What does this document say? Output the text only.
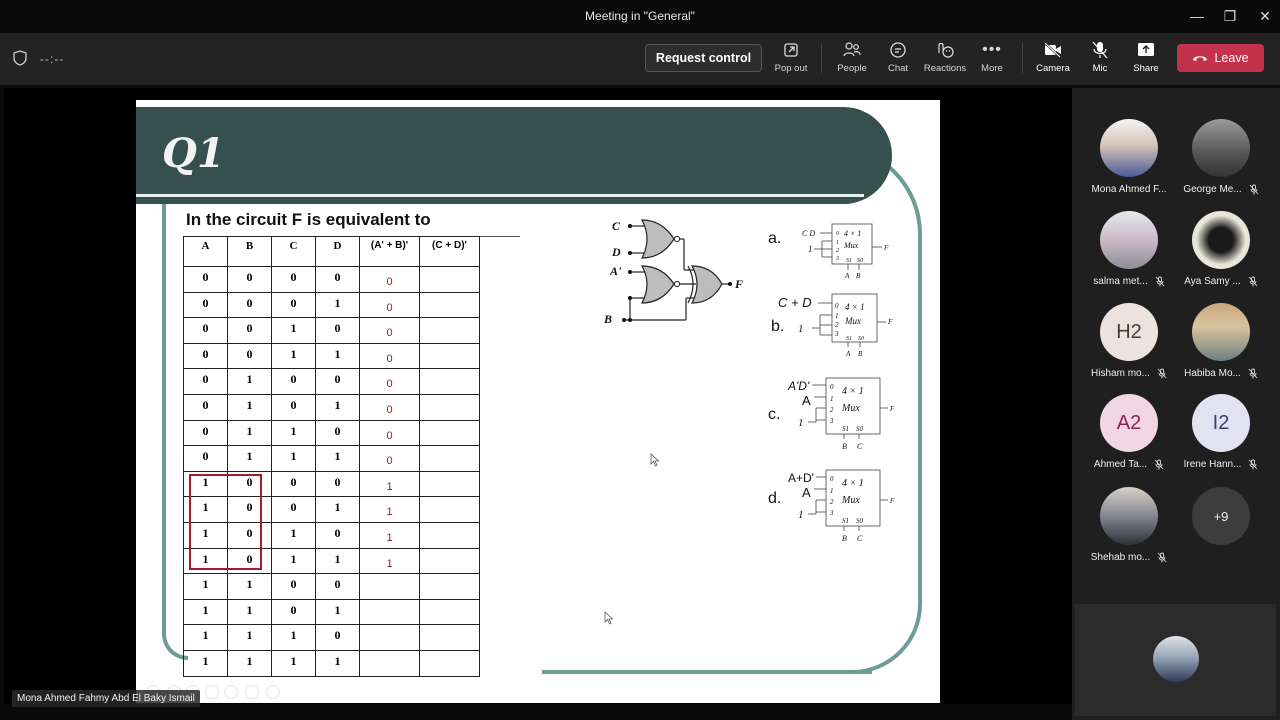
Meeting in "General"	—	❐	✕
--:--	Request control
Pop out	People Chat Reactions
•••
More	Camera Mic	Share
Leave
Q1
In the circuit F is equivalent to
A	B	C	D	(A' + B)'	(C + D)'
0	0	0	0	0	
0	0	0	1	0	
0	0	1	0	0	
0	0	1	1	0	
0	1	0	0	0	
0	1	0	1	0	
0	1	1	0	0	
0	1	1	1	0	
1	0	0	0	1	
1	0	0	1	1	
1	0	1	0	1	
1	0	1	1	1	
1	1	0	0		
1	1	0	1		
1	1	1	0		
1	1	1	1		
C
D
A'
B
F
a.	C D
1
4 × 1
Mux
0
1
2
3 S1 S0
A B
F
b.
C + D
1
4 × 1
Mux
0
1
2
3
S1 S0
A B
F
c.
A'D'
A
1
4 × 1
Mux
0
1
2
3
S1 S0
B C
F
d.
A+D'
A
1
4 × 1
Mux
0
1
2
3
S1 S0
B C
F
Mona Ahmed Fahmy Abd El Baky Ismail
Mona Ahmed F... George Me...
salma met...	Aya Samy ...
H2
Hisham mo...	Habiba Mo...
A2
Ahmed Ta...
I2
Irene Hann...
Shehab mo...
+9
